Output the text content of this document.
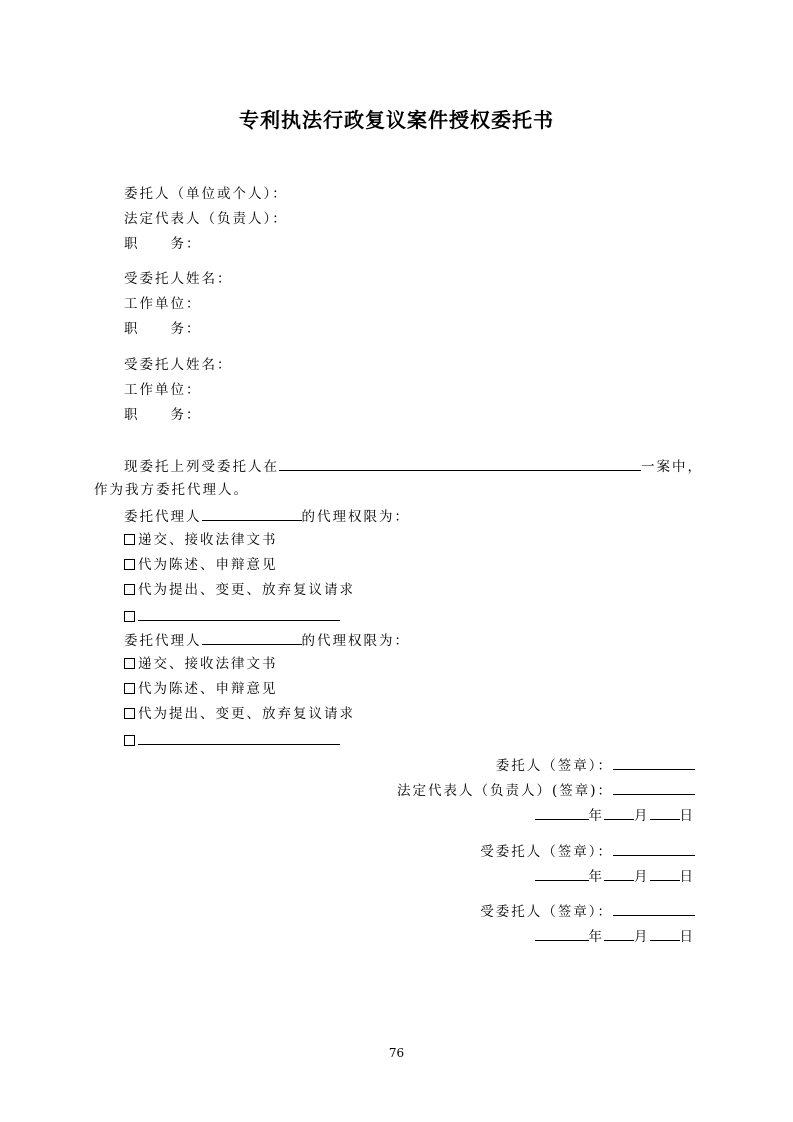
专利执法行政复议案件授权委托书
委托人（单位或个人）：
法定代表人（负责人）：
职　　务：
受委托人姓名：
工作单位：
职　　务：
受委托人姓名：
工作单位：
职　　务：
现委托上列受委托人在	一案中，
作为我方委托代理人。
委托代理人	的代理权限为：
递交、接收法律文书
代为陈述、申辩意见
代为提出、变更、放弃复议请求
委托代理人	的代理权限为：
递交、接收法律文书
代为陈述、申辩意见
代为提出、变更、放弃复议请求
委托人（签章）：
法定代表人（负责人）(签章)：
年 月 日
受委托人（签章）：
年 月 日
受委托人（签章）：
年 月 日
76
